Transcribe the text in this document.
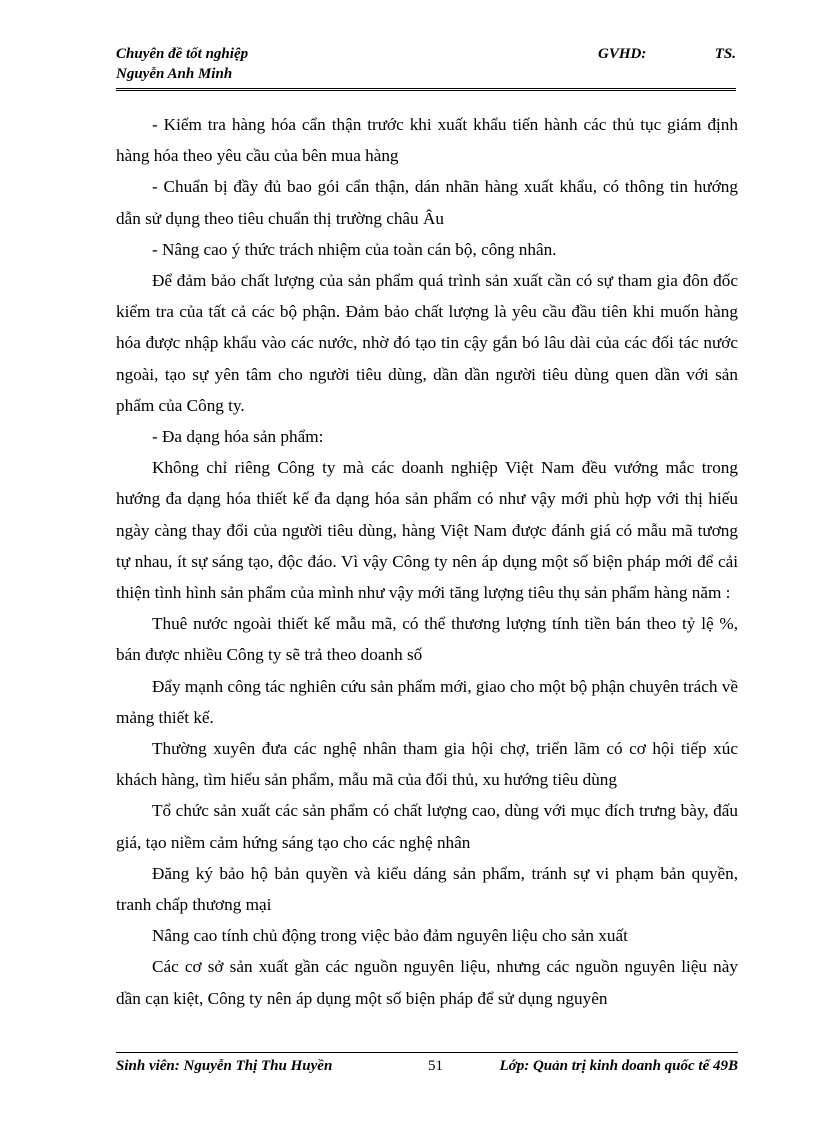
Chuyên đề tốt nghiệp	GVHD:	TS.
Nguyễn Anh Minh

- Kiểm tra hàng hóa cẩn thận trước khi xuất khẩu tiến hành các thủ tục giám định hàng hóa theo yêu cầu của bên mua hàng

- Chuẩn bị đầy đủ bao gói cẩn thận, dán nhãn hàng xuất khẩu, có thông tin hướng dẫn sử dụng theo tiêu chuẩn thị trường châu Âu

- Nâng cao ý thức trách nhiệm của toàn cán bộ, công nhân.

Để đảm bảo chất lượng của sản phẩm quá trình sản xuất cần có sự tham gia đôn đốc kiểm tra của tất cả các bộ phận. Đảm bảo chất lượng là yêu cầu đầu tiên khi muốn hàng hóa được nhập khẩu vào các nước, nhờ đó tạo tin cậy gắn bó lâu dài của các đối tác nước ngoài, tạo sự yên tâm cho người tiêu dùng, dần dần người tiêu dùng quen dần với sản phẩm của Công ty.

- Đa dạng hóa sản phẩm:

Không chỉ riêng Công ty mà các doanh nghiệp Việt Nam đều vướng mắc trong hướng đa dạng hóa thiết kế đa dạng hóa sản phẩm có như vậy mới phù hợp với thị hiếu ngày càng thay đổi của người tiêu dùng, hàng Việt Nam được đánh giá có mẫu mã tương tự nhau, ít sự sáng tạo, độc đáo. Vì vậy Công ty nên áp dụng một số biện pháp mới để cải thiện tình hình sản phẩm của mình như vậy mới tăng lượng tiêu thụ sản phẩm hàng năm :

Thuê nước ngoài thiết kế mẫu mã, có thể thương lượng tính tiền bán theo tỷ lệ %, bán được nhiều Công ty sẽ trả theo doanh số

Đẩy mạnh công tác nghiên cứu sản phẩm mới, giao cho một bộ phận chuyên trách về mảng thiết kế.

Thường xuyên đưa các nghệ nhân tham gia hội chợ, triển lãm có cơ hội tiếp xúc khách hàng, tìm hiểu sản phẩm, mẫu mã của đối thủ, xu hướng tiêu dùng

Tổ chức sản xuất các sản phẩm có chất lượng cao, dùng với mục đích trưng bày, đấu giá, tạo niềm cảm hứng sáng tạo cho các nghệ nhân

Đăng ký bảo hộ bản quyền và kiểu dáng sản phẩm, tránh sự vi phạm bản quyền, tranh chấp thương mại

Nâng cao tính chủ động trong việc bảo đảm nguyên liệu cho sản xuất

Các cơ sở sản xuất gần các nguồn nguyên liệu, nhưng các nguồn nguyên liệu này dần cạn kiệt, Công ty nên áp dụng một số biện pháp để sử dụng nguyên

Sinh viên: Nguyễn Thị Thu Huyền	51	Lớp: Quản trị kinh doanh quốc tế 49B
